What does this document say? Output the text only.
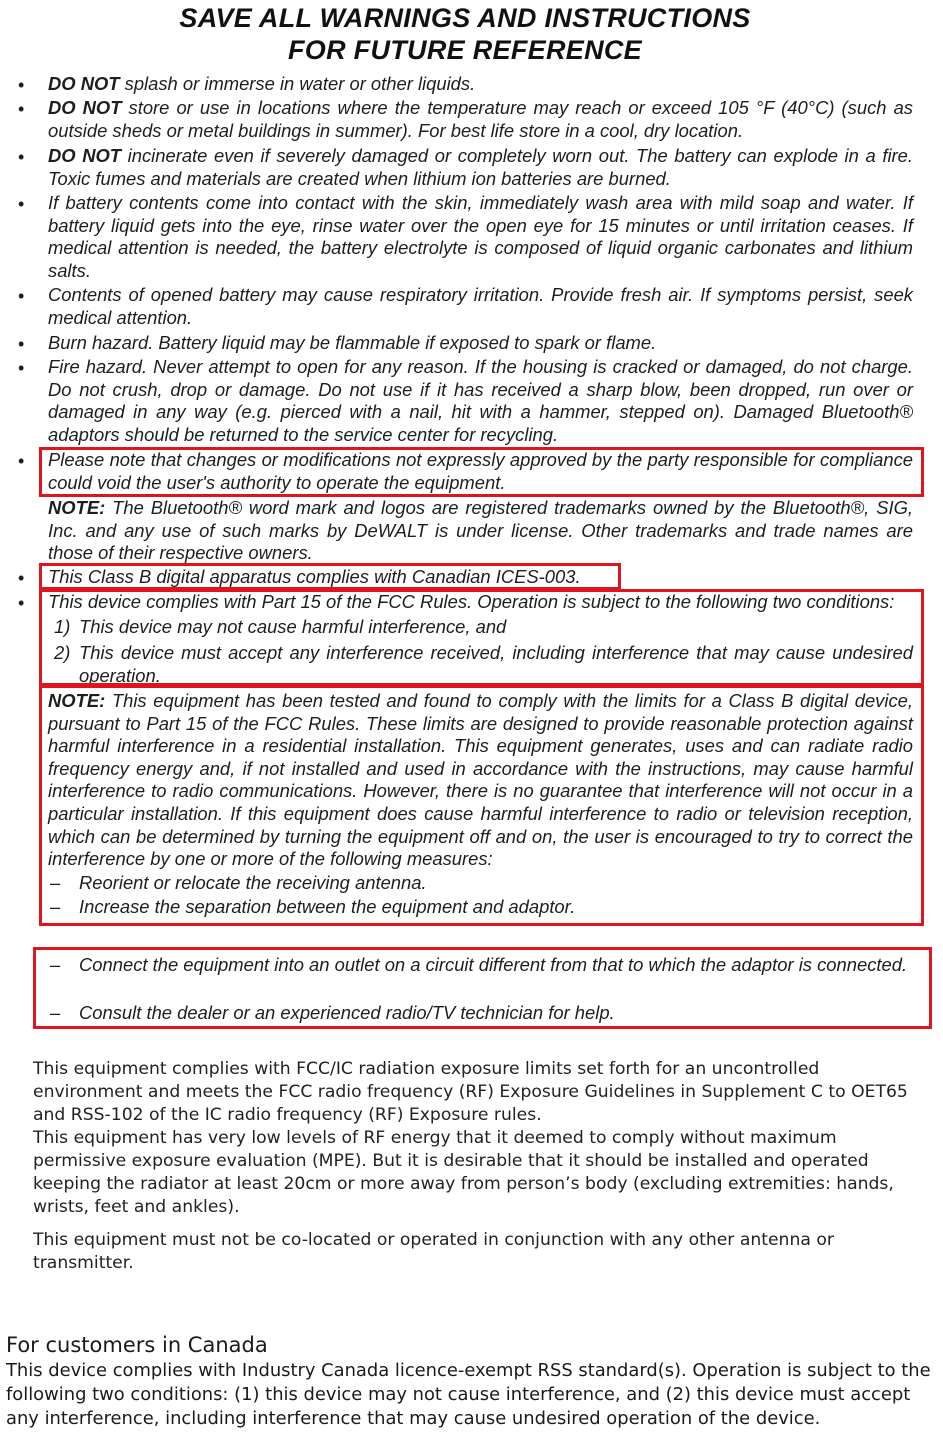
SAVE ALL WARNINGS AND INSTRUCTIONS
FOR FUTURE REFERENCE
•
•
•
•
•
•
•
•
•
•
DO NOT splash or immerse in water or other liquids.
DO NOT store or use in locations where the temperature may reach or exceed 105 °F (40°C) (such as outside sheds or metal buildings in summer). For best life store in a cool, dry location.
DO NOT incinerate even if severely damaged or completely worn out. The battery can explode in a fire. Toxic fumes and materials are created when lithium ion batteries are burned.
If battery contents come into contact with the skin, immediately wash area with mild soap and water. If battery liquid gets into the eye, rinse water over the open eye for 15 minutes or until irritation ceases. If medical attention is needed, the battery electrolyte is composed of liquid organic carbonates and lithium salts.
Contents of opened battery may cause respiratory irritation. Provide fresh air. If symptoms persist, seek medical attention.
Burn hazard. Battery liquid may be flammable if exposed to spark or flame.
Fire hazard. Never attempt to open for any reason. If the housing is cracked or damaged, do not charge. Do not crush, drop or damage. Do not use if it has received a sharp blow, been dropped, run over or damaged in any way (e.g. pierced with a nail, hit with a hammer, stepped on). Damaged Bluetooth® adaptors should be returned to the service center for recycling.
Please note that changes or modifications not expressly approved by the party responsible for compliance could void the user's authority to operate the equipment.
NOTE: The Bluetooth® word mark and logos are registered trademarks owned by the Bluetooth®, SIG, Inc. and any use of such marks by DeWALT is under license. Other trademarks and trade names are those of their respective owners.
This Class B digital apparatus complies with Canadian ICES-003.
This device complies with Part 15 of the FCC Rules. Operation is subject to the following two conditions:
1) This device may not cause harmful interference, and
2) This device must accept any interference received, including interference that may cause undesired operation.
NOTE: This equipment has been tested and found to comply with the limits for a Class B digital device, pursuant to Part 15 of the FCC Rules. These limits are designed to provide reasonable protection against harmful interference in a residential installation. This equipment generates, uses and can radiate radio frequency energy and, if not installed and used in accordance with the instructions, may cause harmful interference to radio communications. However, there is no guarantee that interference will not occur in a particular installation. If this equipment does cause harmful interference to radio or television reception, which can be determined by turning the equipment off and on, the user is encouraged to try to correct the interference by one or more of the following measures:
– Reorient or relocate the receiving antenna.
– Increase the separation between the equipment and adaptor.
– Connect the equipment into an outlet on a circuit different from that to which the adaptor is connected.
– Consult the dealer or an experienced radio/TV technician for help.
This equipment complies with FCC/IC radiation exposure limits set forth for an uncontrolled environment and meets the FCC radio frequency (RF) Exposure Guidelines in Supplement C to OET65 and RSS-102 of the IC radio frequency (RF) Exposure rules.
This equipment has very low levels of RF energy that it deemed to comply without maximum permissive exposure evaluation (MPE). But it is desirable that it should be installed and operated keeping the radiator at least 20cm or more away from person’s body (excluding extremities: hands, wrists, feet and ankles).
This equipment must not be co-located or operated in conjunction with any other antenna or transmitter.
For customers in Canada
This device complies with Industry Canada licence-exempt RSS standard(s). Operation is subject to the following two conditions: (1) this device may not cause interference, and (2) this device must accept any interference, including interference that may cause undesired operation of the device.
